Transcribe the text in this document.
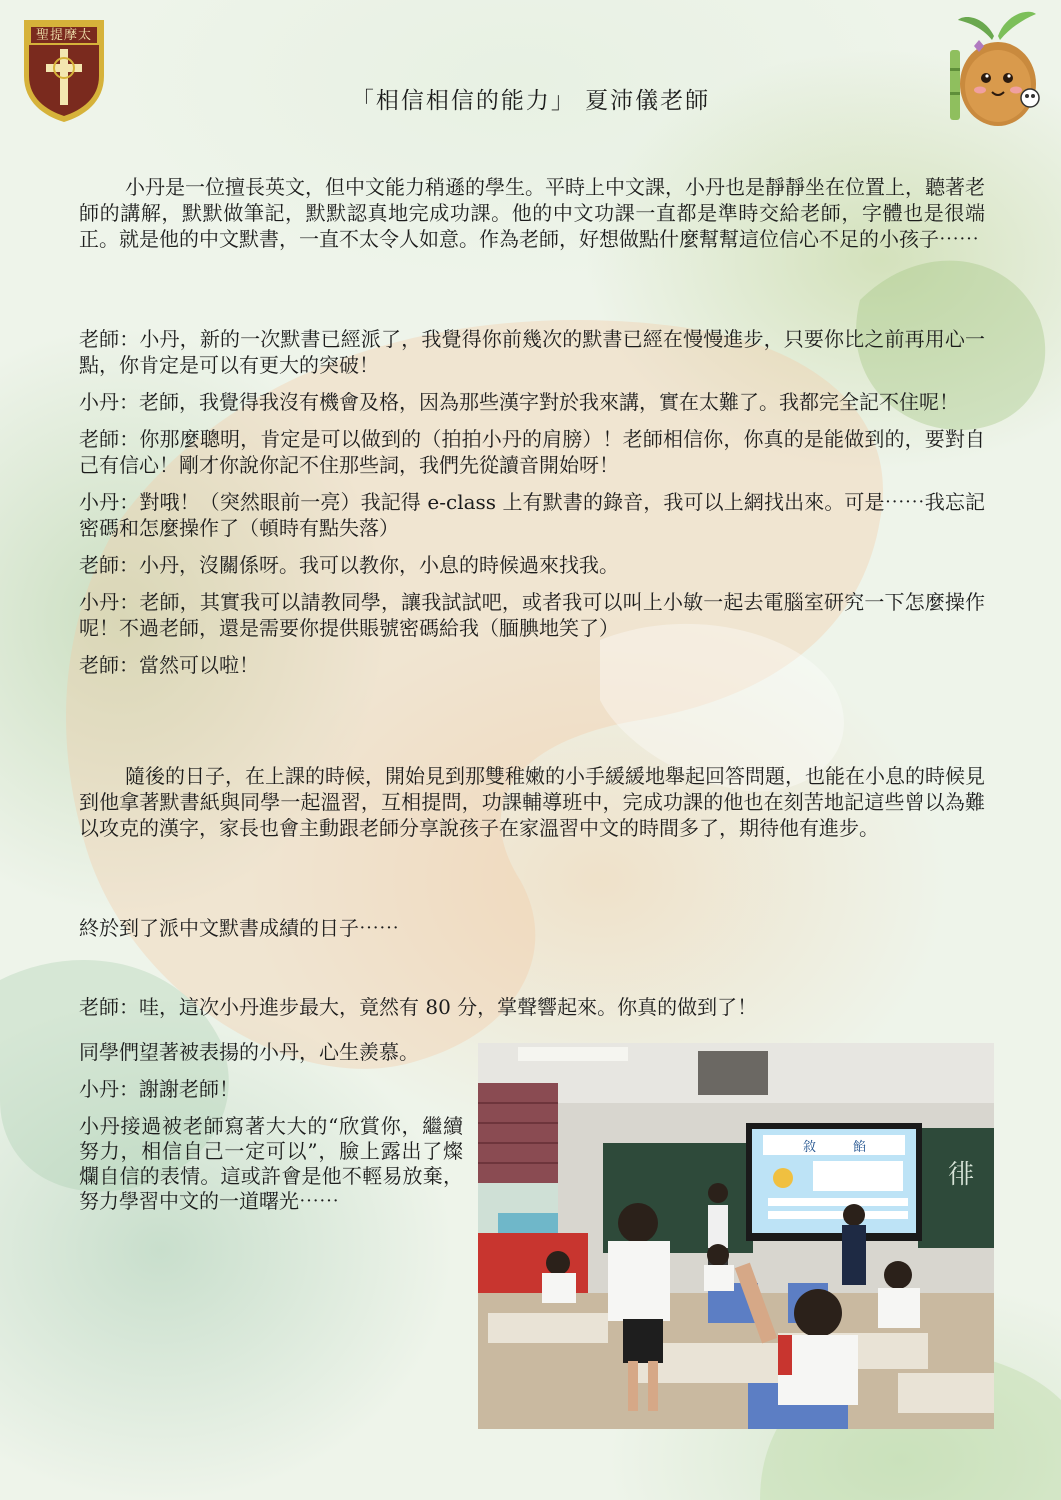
聖提摩太
「相信相信的能力」 夏沛儀老師

小丹是一位擅長英文，但中文能力稍遜的學生。平時上中文課，小丹也是靜靜坐在位置上，聽著老師的講解，默默做筆記，默默認真地完成功課。他的中文功課一直都是準時交給老師，字體也是很端正。就是他的中文默書，一直不太令人如意。作為老師，好想做點什麼幫幫這位信心不足的小孩子⋯⋯

老師：小丹，新的一次默書已經派了，我覺得你前幾次的默書已經在慢慢進步，只要你比之前再用心一點，你肯定是可以有更大的突破！

小丹：老師，我覺得我沒有機會及格，因為那些漢字對於我來講，實在太難了。我都完全記不住呢！

老師：你那麼聰明，肯定是可以做到的（拍拍小丹的肩膀）！老師相信你，你真的是能做到的，要對自己有信心！剛才你說你記不住那些詞，我們先從讀音開始呀！

小丹：對哦！（突然眼前一亮）我記得 e-class 上有默書的錄音，我可以上網找出來。可是⋯⋯我忘記密碼和怎麼操作了（頓時有點失落）

老師：小丹，沒關係呀。我可以教你，小息的時候過來找我。

小丹：老師，其實我可以請教同學，讓我試試吧，或者我可以叫上小敏一起去電腦室研究一下怎麼操作呢！不過老師，還是需要你提供賬號密碼給我（腼腆地笑了）

老師：當然可以啦！

隨後的日子，在上課的時候，開始見到那雙稚嫩的小手緩緩地舉起回答問題，也能在小息的時候見到他拿著默書紙與同學一起溫習，互相提問，功課輔導班中，完成功課的他也在刻苦地記這些曾以為難以攻克的漢字，家長也會主動跟老師分享說孩子在家溫習中文的時間多了，期待他有進步。

終於到了派中文默書成績的日子⋯⋯

老師：哇，這次小丹進步最大，竟然有 80 分，掌聲響起來。你真的做到了！

同學們望著被表揚的小丹，心生羨慕。

小丹：謝謝老師！

小丹接過被老師寫著大大的“欣賞你，繼續努力，相信自己一定可以”，臉上露出了燦爛自信的表情。這或許會是他不輕易放棄，努力學習中文的一道曙光⋯⋯

徘
敘	餡
